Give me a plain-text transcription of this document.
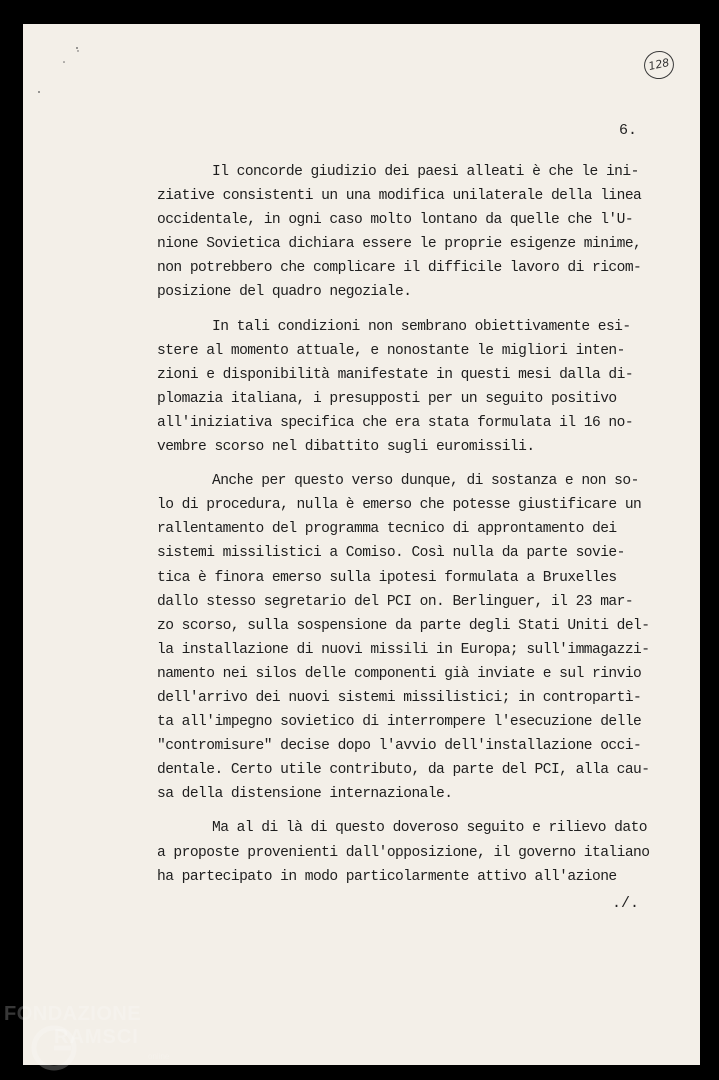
128
6.
Il concorde giudizio dei paesi alleati è che le ini-
ziative consistenti un una modifica unilaterale della linea
occidentale, in ogni caso molto lontano da quelle che l'U-
nione Sovietica dichiara essere le proprie esigenze minime,
non potrebbero che complicare il difficile lavoro di ricom-
posizione del quadro negoziale.
In tali condizioni non sembrano obiettivamente esi-
stere al momento attuale, e nonostante le migliori inten-
zioni e disponibilità manifestate in questi mesi dalla di-
plomazia italiana, i presupposti per un seguito positivo
all'iniziativa specifica che era stata formulata il 16 no-
vembre scorso nel dibattito sugli euromissili.
Anche per questo verso dunque, di sostanza e non so-
lo di procedura, nulla è emerso che potesse giustificare un
rallentamento del programma tecnico di approntamento dei
sistemi missilistici a Comiso. Così nulla da parte sovie-
tica è finora emerso sulla ipotesi formulata a Bruxelles
dallo stesso segretario del PCI on. Berlinguer, il 23 mar-
zo scorso, sulla sospensione da parte degli Stati Uniti del-
la installazione di nuovi missili in Europa; sull'immagazzi-
namento nei silos delle componenti già inviate e sul rinvio
dell'arrivo dei nuovi sistemi missilistici; in contropartì-
ta all'impegno sovietico di interrompere l'esecuzione delle
"contromisure" decise dopo l'avvio dell'installazione occi-
dentale. Certo utile contributo, da parte del PCI, alla cau-
sa della distensione internazionale.
Ma al di là di questo doveroso seguito e rilievo dato
a proposte provenienti dall'opposizione, il governo italiano
ha partecipato in modo particolarmente attivo all'azione
./.
FONDAZIONE
RAMSCI
online
